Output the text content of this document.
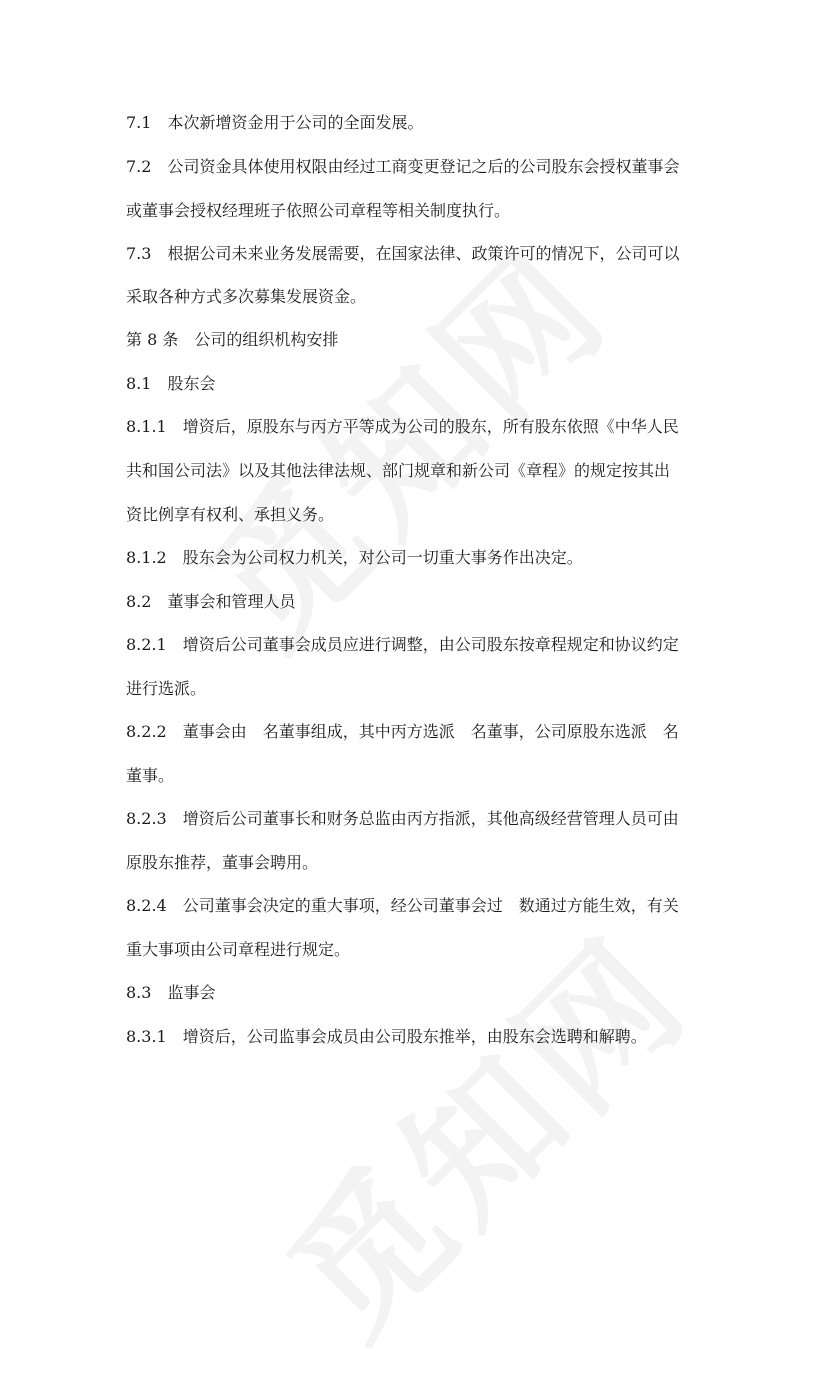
7.1　本次新增资金用于公司的全面发展。
7.2　公司资金具体使用权限由经过工商变更登记之后的公司股东会授权董事会
或董事会授权经理班子依照公司章程等相关制度执行。
7.3　根据公司未来业务发展需要，在国家法律、政策许可的情况下，公司可以
采取各种方式多次募集发展资金。
第 8 条　公司的组织机构安排
8.1　股东会
8.1.1　增资后，原股东与丙方平等成为公司的股东，所有股东依照《中华人民
共和国公司法》以及其他法律法规、部门规章和新公司《章程》的规定按其出
资比例享有权利、承担义务。
8.1.2　股东会为公司权力机关，对公司一切重大事务作出决定。
8.2　董事会和管理人员
8.2.1　增资后公司董事会成员应进行调整，由公司股东按章程规定和协议约定
进行选派。
8.2.2　董事会由　名董事组成，其中丙方选派　名董事，公司原股东选派　名
董事。
8.2.3　增资后公司董事长和财务总监由丙方指派，其他高级经营管理人员可由
原股东推荐，董事会聘用。
8.2.4　公司董事会决定的重大事项，经公司董事会过　数通过方能生效，有关
重大事项由公司章程进行规定。
8.3　监事会
8.3.1　增资后，公司监事会成员由公司股东推举，由股东会选聘和解聘。
